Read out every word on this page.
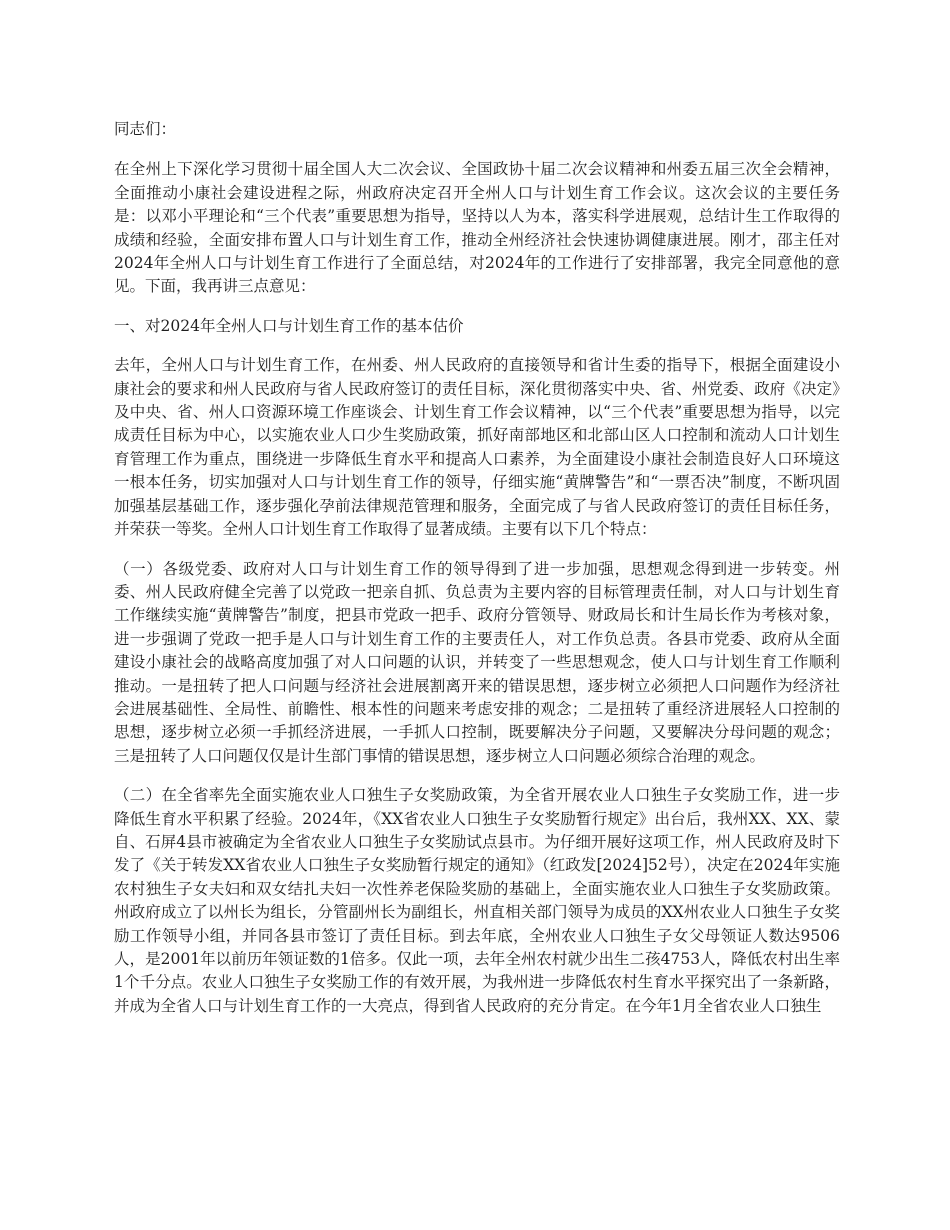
同志们：

在全州上下深化学习贯彻十届全国人大二次会议、全国政协十届二次会议精神和州委五届三次全会精神，全面推动小康社会建设进程之际，州政府决定召开全州人口与计划生育工作会议。这次会议的主要任务是：以邓小平理论和“三个代表”重要思想为指导，坚持以人为本，落实科学进展观，总结计生工作取得的成绩和经验，全面安排布置人口与计划生育工作，推动全州经济社会快速协调健康进展。刚才，邵主任对2024年全州人口与计划生育工作进行了全面总结，对2024年的工作进行了安排部署，我完全同意他的意见。下面，我再讲三点意见：

一、对2024年全州人口与计划生育工作的基本估价

去年，全州人口与计划生育工作，在州委、州人民政府的直接领导和省计生委的指导下，根据全面建设小康社会的要求和州人民政府与省人民政府签订的责任目标，深化贯彻落实中央、省、州党委、政府《决定》及中央、省、州人口资源环境工作座谈会、计划生育工作会议精神，以“三个代表”重要思想为指导，以完成责任目标为中心，以实施农业人口少生奖励政策，抓好南部地区和北部山区人口控制和流动人口计划生育管理工作为重点，围绕进一步降低生育水平和提高人口素养，为全面建设小康社会制造良好人口环境这一根本任务，切实加强对人口与计划生育工作的领导，仔细实施“黄牌警告”和“一票否决”制度，不断巩固加强基层基础工作，逐步强化孕前法律规范管理和服务，全面完成了与省人民政府签订的责任目标任务，并荣获一等奖。全州人口计划生育工作取得了显著成绩。主要有以下几个特点：

（一）各级党委、政府对人口与计划生育工作的领导得到了进一步加强，思想观念得到进一步转变。州委、州人民政府健全完善了以党政一把亲自抓、负总责为主要内容的目标管理责任制，对人口与计划生育工作继续实施“黄牌警告”制度，把县市党政一把手、政府分管领导、财政局长和计生局长作为考核对象，进一步强调了党政一把手是人口与计划生育工作的主要责任人，对工作负总责。各县市党委、政府从全面建设小康社会的战略高度加强了对人口问题的认识，并转变了一些思想观念，使人口与计划生育工作顺利推动。一是扭转了把人口问题与经济社会进展割离开来的错误思想，逐步树立必须把人口问题作为经济社会进展基础性、全局性、前瞻性、根本性的问题来考虑安排的观念；二是扭转了重经济进展轻人口控制的思想，逐步树立必须一手抓经济进展，一手抓人口控制，既要解决分子问题，又要解决分母问题的观念；三是扭转了人口问题仅仅是计生部门事情的错误思想，逐步树立人口问题必须综合治理的观念。

（二）在全省率先全面实施农业人口独生子女奖励政策，为全省开展农业人口独生子女奖励工作，进一步降低生育水平积累了经验。2024年，《XX省农业人口独生子女奖励暂行规定》出台后，我州XX、XX、蒙自、石屏4县市被确定为全省农业人口独生子女奖励试点县市。为仔细开展好这项工作，州人民政府及时下发了《关于转发XX省农业人口独生子女奖励暂行规定的通知》（红政发[2024]52号），决定在2024年实施农村独生子女夫妇和双女结扎夫妇一次性养老保险奖励的基础上，全面实施农业人口独生子女奖励政策。州政府成立了以州长为组长，分管副州长为副组长，州直相关部门领导为成员的XX州农业人口独生子女奖励工作领导小组，并同各县市签订了责任目标。到去年底，全州农业人口独生子女父母领证人数达9506人，是2001年以前历年领证数的1倍多。仅此一项，去年全州农村就少出生二孩4753人，降低农村出生率1个千分点。农业人口独生子女奖励工作的有效开展，为我州进一步降低农村生育水平探究出了一条新路，并成为全省人口与计划生育工作的一大亮点，得到省人民政府的充分肯定。在今年1月全省农业人口独生
